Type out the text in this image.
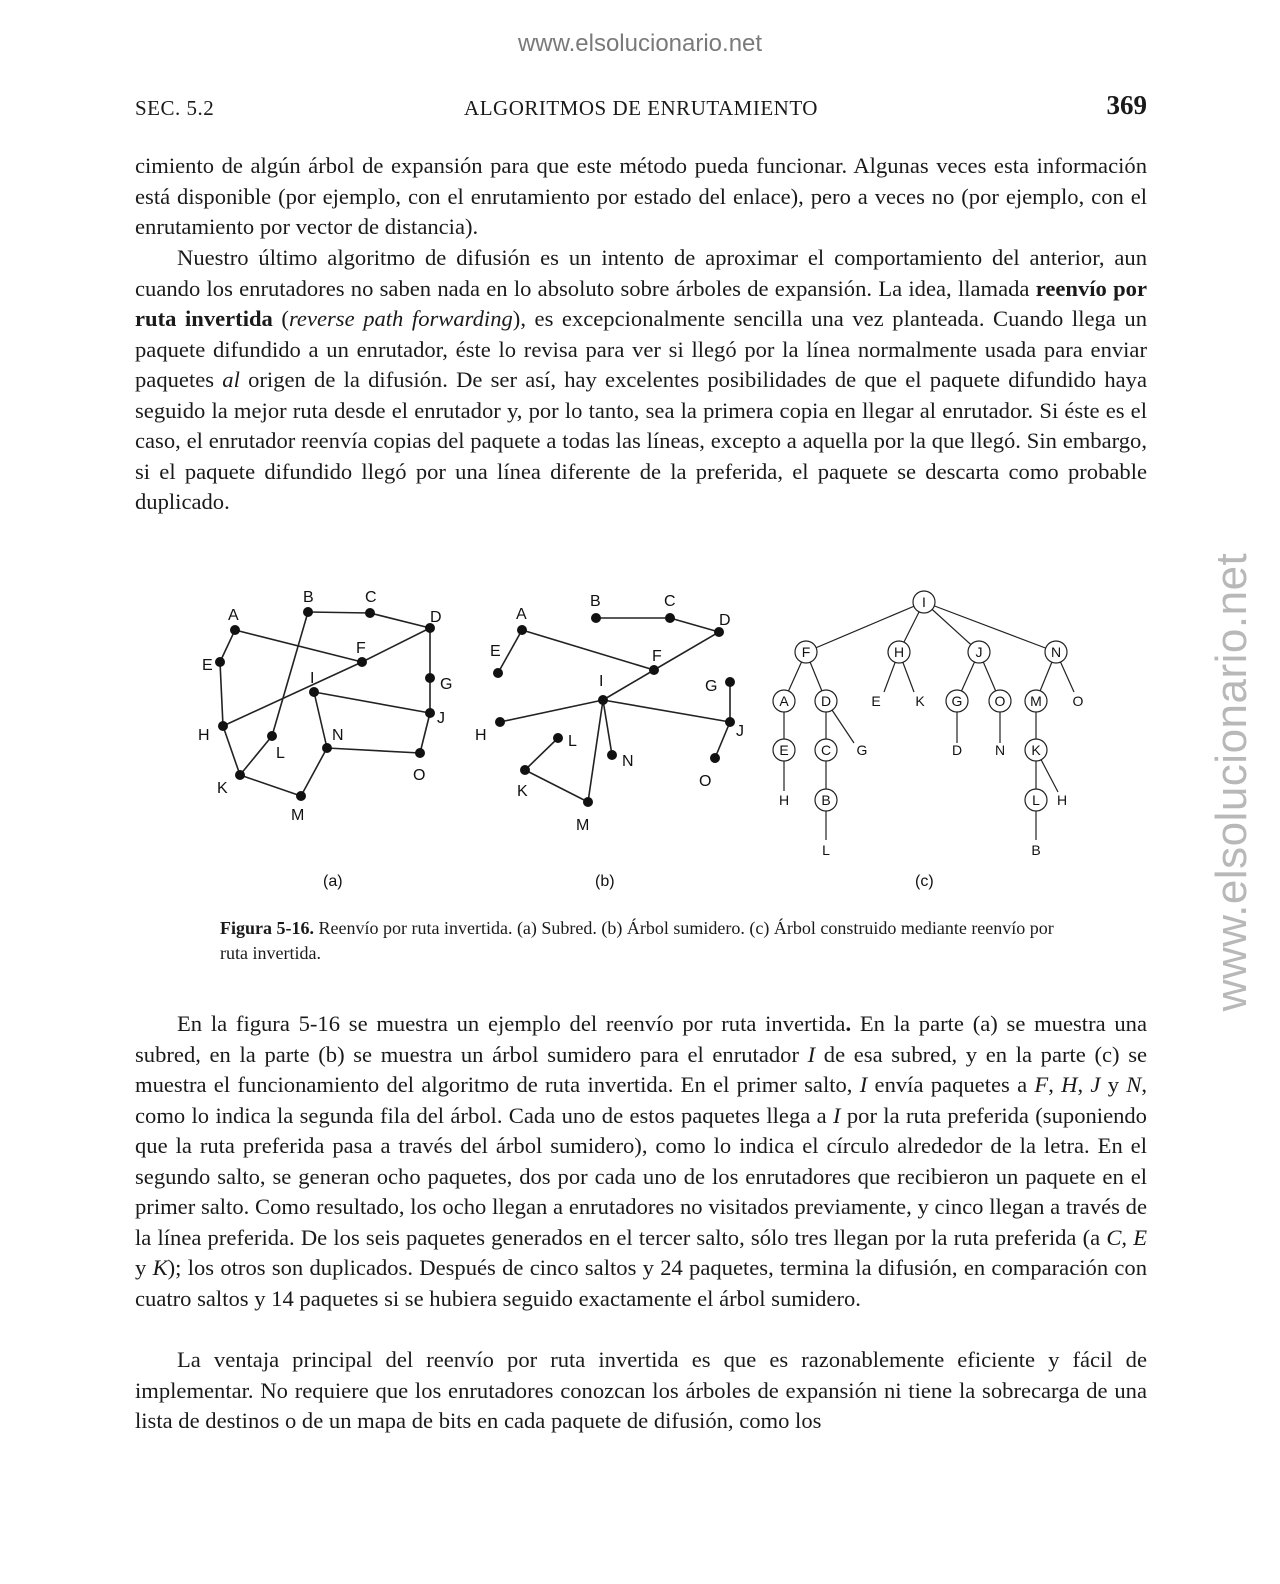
www.elsolucionario.net
www.elsolucionario.net
SEC. 5.2	ALGORITMOS DE ENRUTAMIENTO	369

cimiento de algún árbol de expansión para que este método pueda funcionar. Algunas veces esta información está disponible (por ejemplo, con el enrutamiento por estado del enlace), pero a veces no (por ejemplo, con el enrutamiento por vector de distancia).

Nuestro último algoritmo de difusión es un intento de aproximar el comportamiento del anterior, aun cuando los enrutadores no saben nada en lo absoluto sobre árboles de expansión. La idea, llamada reenvío por ruta invertida (reverse path forwarding), es excepcionalmente sencilla una vez planteada. Cuando llega un paquete difundido a un enrutador, éste lo revisa para ver si llegó por la línea normalmente usada para enviar paquetes al origen de la difusión. De ser así, hay excelentes posibilidades de que el paquete difundido haya seguido la mejor ruta desde el enrutador y, por lo tanto, sea la primera copia en llegar al enrutador. Si éste es el caso, el enrutador reenvía copias del paquete a todas las líneas, excepto a aquella por la que llegó. Sin embargo, si el paquete difundido llegó por una línea diferente de la preferida, el paquete se descarta como probable duplicado.

A
B	C
D
E
F
G
H
I
J
K
L
M
N
O
(a)
A
B	C
D
E	F
G
H
I
J
K
L
M
N
O
(b)
I
F	H	J	N
A D	E K G O M O
E C G	D N K
H B	L H
L	B
(c)

Figura 5-16. Reenvío por ruta invertida. (a) Subred. (b) Árbol sumidero. (c) Árbol construido mediante reenvío por ruta invertida.

En la figura 5-16 se muestra un ejemplo del reenvío por ruta invertida. En la parte (a) se muestra una subred, en la parte (b) se muestra un árbol sumidero para el enrutador I de esa subred, y en la parte (c) se muestra el funcionamiento del algoritmo de ruta invertida. En el primer salto, I envía paquetes a F, H, J y N, como lo indica la segunda fila del árbol. Cada uno de estos paquetes llega a I por la ruta preferida (suponiendo que la ruta preferida pasa a través del árbol sumidero), como lo indica el círculo alrededor de la letra. En el segundo salto, se generan ocho paquetes, dos por cada uno de los enrutadores que recibieron un paquete en el primer salto. Como resultado, los ocho llegan a enrutadores no visitados previamente, y cinco llegan a través de la línea preferida. De los seis paquetes generados en el tercer salto, sólo tres llegan por la ruta preferida (a C, E y K); los otros son duplicados. Después de cinco saltos y 24 paquetes, termina la difusión, en comparación con cuatro saltos y 14 paquetes si se hubiera seguido exactamente el árbol sumidero.

La ventaja principal del reenvío por ruta invertida es que es razonablemente eficiente y fácil de implementar. No requiere que los enrutadores conozcan los árboles de expansión ni tiene la sobrecarga de una lista de destinos o de un mapa de bits en cada paquete de difusión, como los
